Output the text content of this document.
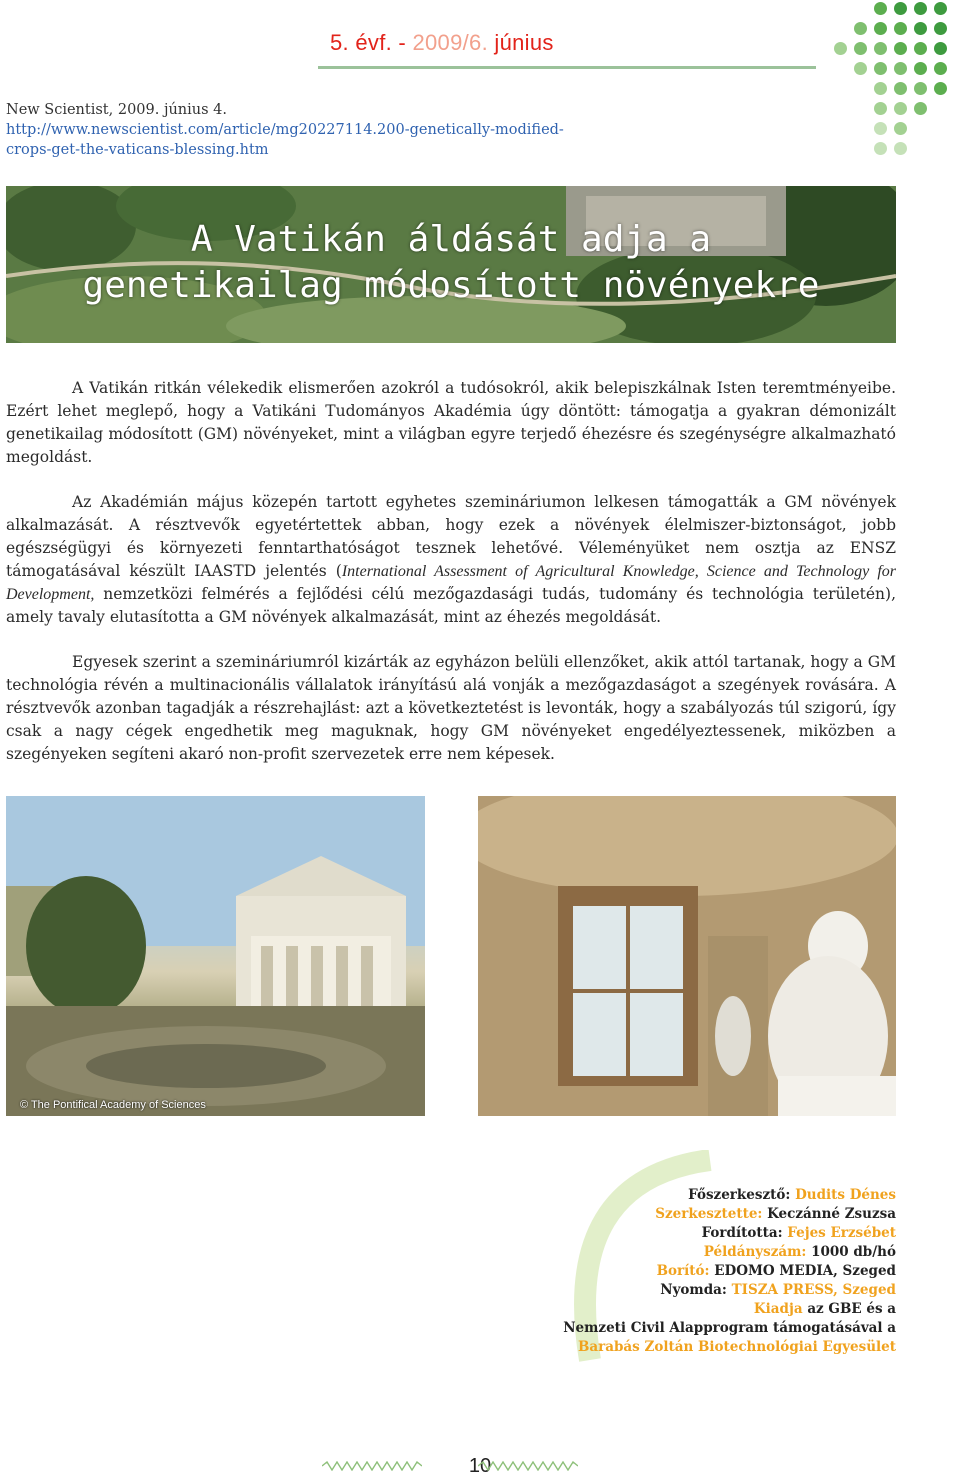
5. évf. - 2009/6. június
New Scientist, 2009. június 4.
http://www.newscientist.com/article/mg20227114.200-genetically-modified-
crops-get-the-vaticans-blessing.htm
A Vatikán áldását adja a
genetikailag módosított növényekre

A Vatikán ritkán vélekedik elismerően azokról a tudósokról, akik belepiszkálnak Isten teremtményeibe. Ezért lehet meglepő, hogy a Vatikáni Tudományos Akadémia úgy döntött: támogatja a gyakran démonizált genetikailag módosított (GM) növényeket, mint a világban egyre terjedő éhezésre és szegénységre alkalmazható megoldást.

Az Akadémián május közepén tartott egyhetes szemináriumon lelkesen támogatták a GM növények alkalmazását. A résztvevők egyetértettek abban, hogy ezek a növények élelmiszer-biztonságot, jobb egészségügyi és környezeti fenntarthatóságot tesznek lehetővé. Véleményüket nem osztja az ENSZ támogatásával készült IAASTD jelentés (International Assessment of Agricultural Knowledge, Science and Technology for Development, nemzetközi felmérés a fejlődési célú mezőgazdasági tudás, tudomány és technológia területén), amely tavaly elutasította a GM növények alkalmazását, mint az éhezés megoldását.

Egyesek szerint a szemináriumról kizárták az egyházon belüli ellenzőket, akik attól tartanak, hogy a GM technológia révén a multinacionális vállalatok irányítású alá vonják a mezőgazdaságot a szegények rovására. A résztvevők azonban tagadják a részrehajlást: azt a következtetést is levonták, hogy a szabályozás túl szigorú, így csak a nagy cégek engedhetik meg maguknak, hogy GM növényeket engedélyeztessenek, miközben a szegényeken segíteni akaró non-profit szervezetek erre nem képesek.

© The Pontifical Academy of Sciences
Főszerkesztő: Dudits Dénes
Szerkesztette: Keczánné Zsuzsa
Fordította: Fejes Erzsébet
Példányszám: 1000 db/hó
Borító: EDOMO MEDIA, Szeged
Nyomda: TISZA PRESS, Szeged
Kiadja az GBE és a
Nemzeti Civil Alapprogram támogatásával a
Barabás Zoltán Biotechnológiai Egyesület
10
